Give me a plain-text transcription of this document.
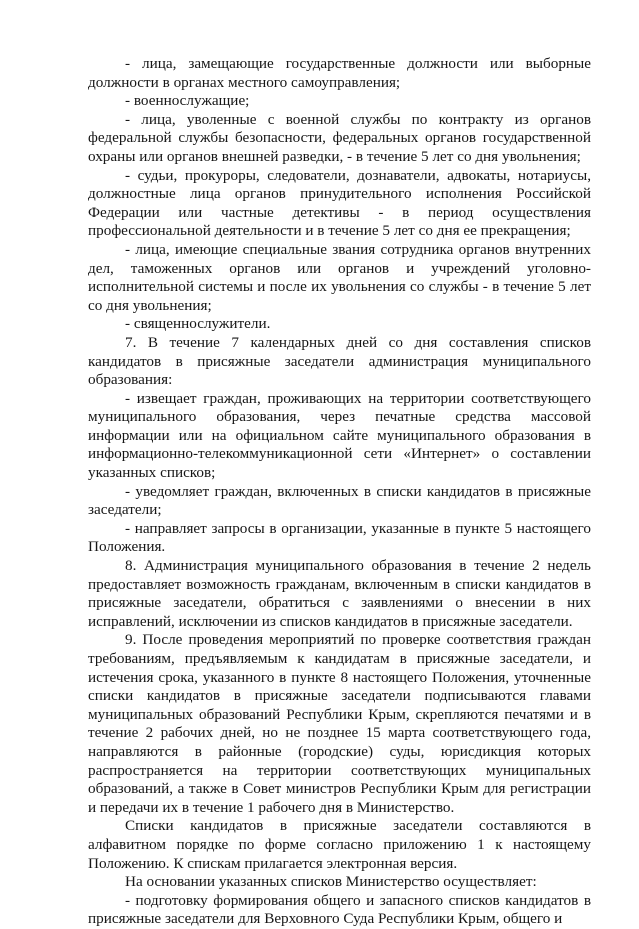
- лица, замещающие государственные должности или выборные должности в органах местного самоуправления;

- военнослужащие;

- лица, уволенные с военной службы по контракту из органов федеральной службы безопасности, федеральных органов государственной охраны или органов внешней разведки, - в течение 5 лет со дня увольнения;

- судьи, прокуроры, следователи, дознаватели, адвокаты, нотариусы, должностные лица органов принудительного исполнения Российской Федерации или частные детективы - в период осуществления профессиональной деятельности и в течение 5 лет со дня ее прекращения;

- лица, имеющие специальные звания сотрудника органов внутренних дел, таможенных органов или органов и учреждений уголовно-исполнительной системы и после их увольнения со службы - в течение 5 лет со дня увольнения;

- священнослужители.

7. В течение 7 календарных дней со дня составления списков кандидатов в присяжные заседатели администрация муниципального образования:

- извещает граждан, проживающих на территории соответствующего муниципального образования, через печатные средства массовой информации или на официальном сайте муниципального образования в информационно-телекоммуникационной сети «Интернет» о составлении указанных списков;

- уведомляет граждан, включенных в списки кандидатов в присяжные заседатели;

- направляет запросы в организации, указанные в пункте 5 настоящего Положения.

8. Администрация муниципального образования в течение 2 недель предоставляет возможность гражданам, включенным в списки кандидатов в присяжные заседатели, обратиться с заявлениями о внесении в них исправлений, исключении из списков кандидатов в присяжные заседатели.

9. После проведения мероприятий по проверке соответствия граждан требованиям, предъявляемым к кандидатам в присяжные заседатели, и истечения срока, указанного в пункте 8 настоящего Положения, уточненные списки кандидатов в присяжные заседатели подписываются главами муниципальных образований Республики Крым, скрепляются печатями и в течение 2 рабочих дней, но не позднее 15 марта соответствующего года, направляются в районные (городские) суды, юрисдикция которых распространяется на территории соответствующих муниципальных образований, а также в Совет министров Республики Крым для регистрации и передачи их в течение 1 рабочего дня в Министерство.

Списки кандидатов в присяжные заседатели составляются в алфавитном порядке по форме согласно приложению 1 к настоящему Положению. К спискам прилагается электронная версия.

На основании указанных списков Министерство осуществляет:

- подготовку формирования общего и запасного списков кандидатов в присяжные заседатели для Верховного Суда Республики Крым, общего и
